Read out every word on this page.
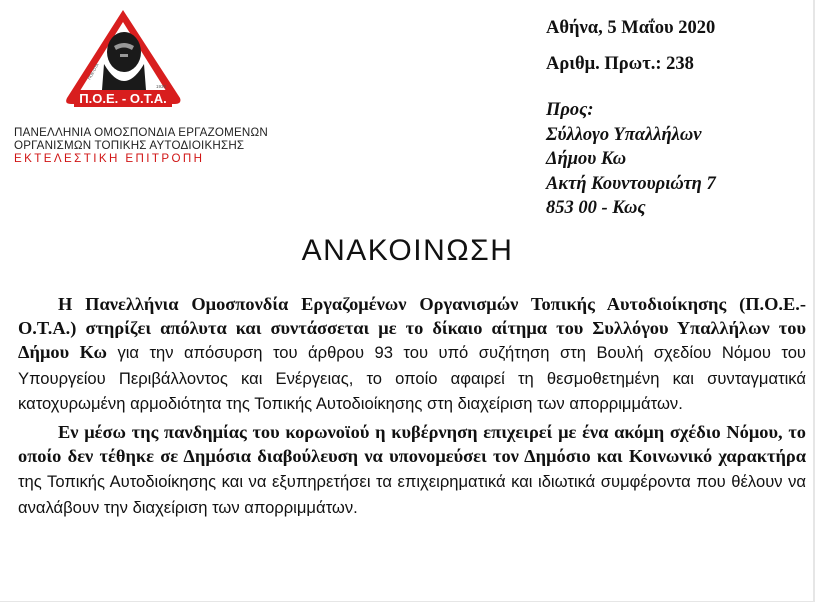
Π.Ο.Ε. - Ο.Τ.Α.
ΠΟΕ-ΟΤΑ
1930
ΠΑΝΕΛΛΗΝΙΑ ΟΜΟΣΠΟΝΔΙΑ ΕΡΓΑΖΟΜΕΝΩΝ
ΟΡΓΑΝΙΣΜΩΝ ΤΟΠΙΚΗΣ ΑΥΤΟΔΙΟΙΚΗΣΗΣ
ΕΚΤΕΛΕΣΤΙΚΗ ΕΠΙΤΡΟΠΗ
Αθήνα, 5 Μαΐου 2020
Αριθμ. Πρωτ.: 238
Προς:
Σύλλογο Υπαλλήλων
Δήμου Κω
Ακτή Κουντουριώτη 7
853 00 - Κως
ΑΝΑΚΟΙΝΩΣΗ

Η Πανελλήνια Ομοσπονδία Εργαζομένων Οργανισμών Τοπικής Αυτοδιοίκησης (Π.Ο.Ε.-Ο.Τ.Α.) στηρίζει απόλυτα και συντάσσεται με το δίκαιο αίτημα του Συλλόγου Υπαλλήλων του Δήμου Κω για την απόσυρση του άρθρου 93 του υπό συζήτηση στη Βουλή σχεδίου Νόμου του Υπουργείου Περιβάλλοντος και Ενέργειας, το οποίο αφαιρεί τη θεσμοθετημένη και συνταγματικά κατοχυρωμένη αρμοδιότητα της Τοπικής Αυτοδιοίκησης στη διαχείριση των απορριμμάτων.

Εν μέσω της πανδημίας του κορωνοϊού η κυβέρνηση επιχειρεί με ένα ακόμη σχέδιο Νόμου, το οποίο δεν τέθηκε σε Δημόσια διαβούλευση να υπονομεύσει τον Δημόσιο και Κοινωνικό χαρακτήρα της Τοπικής Αυτοδιοίκησης και να εξυπηρετήσει τα επιχειρηματικά και ιδιωτικά συμφέροντα που θέλουν να αναλάβουν την διαχείριση των απορριμμάτων.
